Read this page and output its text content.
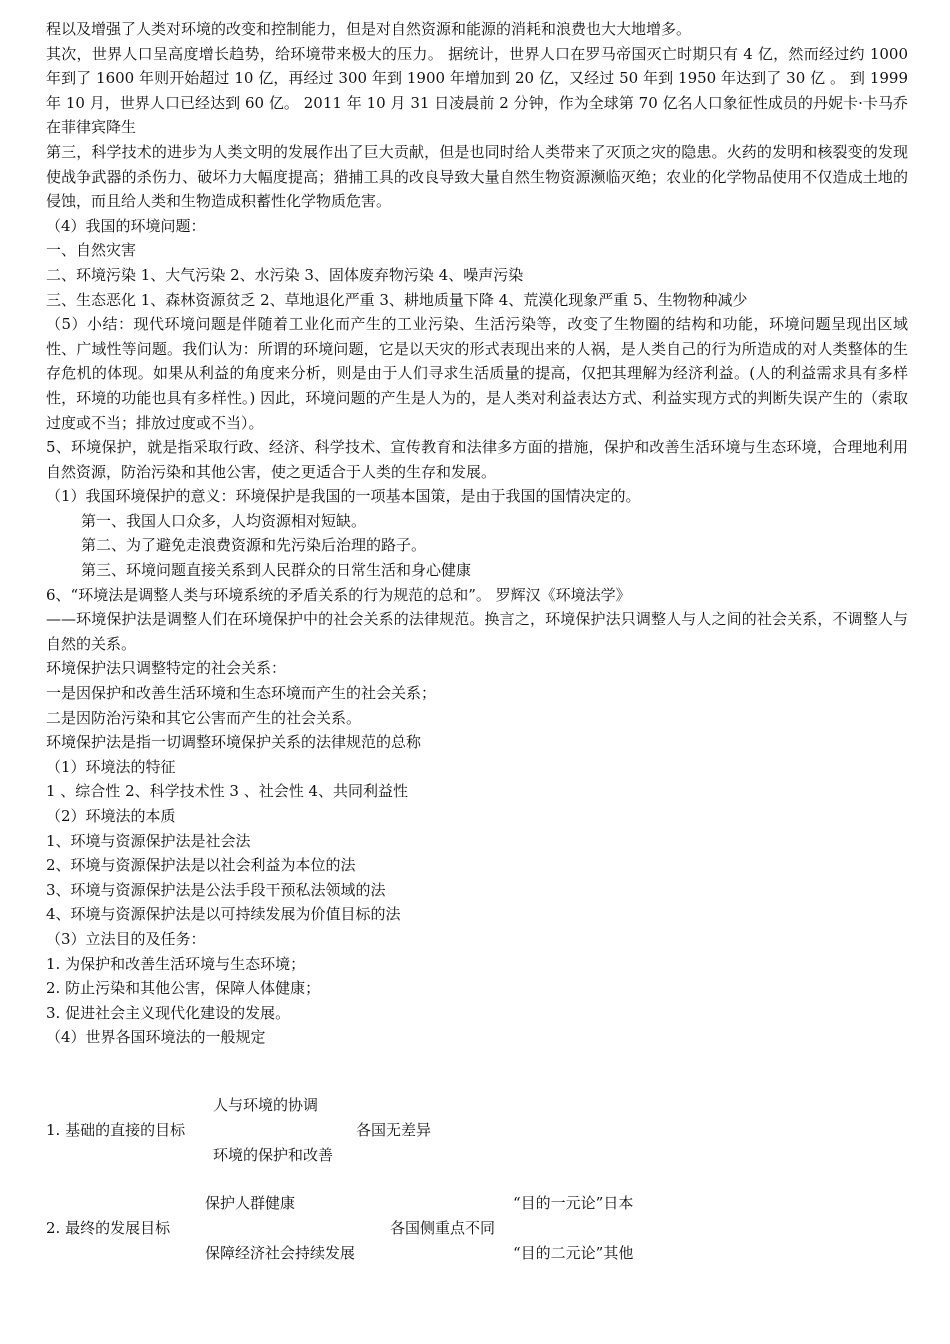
程以及增强了人类对环境的改变和控制能力，但是对自然资源和能源的消耗和浪费也大大地增多。

其次，世界人口呈高度增长趋势，给环境带来极大的压力。 据统计，世界人口在罗马帝国灭亡时期只有 4 亿，然而经过约 1000 年到了 1600 年则开始超过 10 亿，再经过 300 年到 1900 年增加到 20 亿，又经过 50 年到 1950 年达到了 30 亿 。 到 1999 年 10 月，世界人口已经达到 60 亿。 2011 年 10 月 31 日凌晨前 2 分钟，作为全球第 70 亿名人口象征性成员的丹妮卡·卡马乔在菲律宾降生

第三，科学技术的进步为人类文明的发展作出了巨大贡献，但是也同时给人类带来了灭顶之灾的隐患。火药的发明和核裂变的发现使战争武器的杀伤力、破坏力大幅度提高；猎捕工具的改良导致大量自然生物资源濒临灭绝；农业的化学物品使用不仅造成土地的侵蚀，而且给人类和生物造成积蓄性化学物质危害。

（4）我国的环境问题：

一、自然灾害

二、环境污染 1、大气污染 2、水污染 3、固体废弃物污染 4、噪声污染

三、生态恶化 1、森林资源贫乏 2、草地退化严重 3、耕地质量下降 4、荒漠化现象严重 5、生物物种减少

（5）小结：现代环境问题是伴随着工业化而产生的工业污染、生活污染等，改变了生物圈的结构和功能，环境问题呈现出区域性、广域性等问题。我们认为：所谓的环境问题，它是以天灾的形式表现出来的人祸，是人类自己的行为所造成的对人类整体的生存危机的体现。如果从利益的角度来分析，则是由于人们寻求生活质量的提高，仅把其理解为经济利益。(人的利益需求具有多样性，环境的功能也具有多样性。) 因此，环境问题的产生是人为的，是人类对利益表达方式、利益实现方式的判断失误产生的（索取过度或不当；排放过度或不当）。

5、环境保护，就是指采取行政、经济、科学技术、宣传教育和法律多方面的措施，保护和改善生活环境与生态环境，合理地利用自然资源，防治污染和其他公害，使之更适合于人类的生存和发展。

（1）我国环境保护的意义：环境保护是我国的一项基本国策，是由于我国的国情决定的。

第一、我国人口众多，人均资源相对短缺。

第二、为了避免走浪费资源和先污染后治理的路子。

第三、环境问题直接关系到人民群众的日常生活和身心健康

6、“环境法是调整人类与环境系统的矛盾关系的行为规范的总和”。 罗辉汉《环境法学》

——环境保护法是调整人们在环境保护中的社会关系的法律规范。换言之，环境保护法只调整人与人之间的社会关系，不调整人与自然的关系。

环境保护法只调整特定的社会关系：

一是因保护和改善生活环境和生态环境而产生的社会关系；

二是因防治污染和其它公害而产生的社会关系。

环境保护法是指一切调整环境保护关系的法律规范的总称

（1）环境法的特征

1 、综合性 2、科学技术性 3 、社会性 4、共同利益性

（2）环境法的本质

1、环境与资源保护法是社会法

2、环境与资源保护法是以社会利益为本位的法

3、环境与资源保护法是公法手段干预私法领域的法

4、环境与资源保护法是以可持续发展为价值目标的法

（3）立法目的及任务：

1. 为保护和改善生活环境与生态环境；

2. 防止污染和其他公害，保障人体健康；

3. 促进社会主义现代化建设的发展。

（4）世界各国环境法的一般规定

人与环境的协调
1. 基础的直接的目标	各国无差异
环境的保护和改善
保护人群健康	“目的一元论”日本
2. 最终的发展目标	各国侧重点不同
保障经济社会持续发展	“目的二元论”其他
